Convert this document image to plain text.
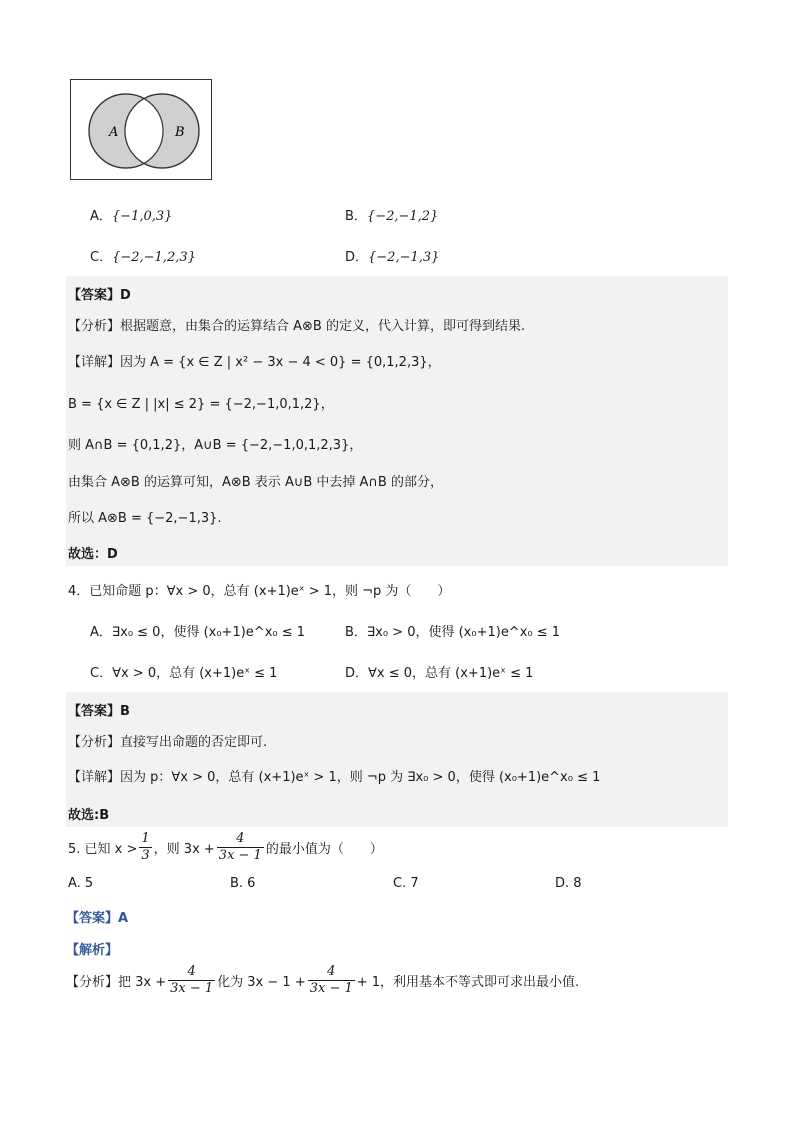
A	B
A．{−1,0,3}	B．{−2,−1,2}
C．{−2,−1,2,3}	D．{−2,−1,3}
【答案】D
【分析】根据题意，由集合的运算结合 A⊗B 的定义，代入计算，即可得到结果.
【详解】因为 A = {x ∈ Z | x² − 3x − 4 < 0} = {0,1,2,3}，
B = {x ∈ Z | |x| ≤ 2} = {−2,−1,0,1,2}，
则 A∩B = {0,1,2}，A∪B = {−2,−1,0,1,2,3}，
由集合 A⊗B 的运算可知，A⊗B 表示 A∪B 中去掉 A∩B 的部分，
所以 A⊗B = {−2,−1,3}.
故选：D
4．已知命题 p：∀x > 0，总有 (x+1)eˣ > 1，则 ¬p 为（　　）
A．∃x₀ ≤ 0，使得 (x₀+1)e^x₀ ≤ 1	B．∃x₀ > 0，使得 (x₀+1)e^x₀ ≤ 1
C．∀x > 0，总有 (x+1)eˣ ≤ 1	D．∀x ≤ 0，总有 (x+1)eˣ ≤ 1
【答案】B
【分析】直接写出命题的否定即可.
【详解】因为 p：∀x > 0，总有 (x+1)eˣ > 1，则 ¬p 为 ∃x₀ > 0，使得 (x₀+1)e^x₀ ≤ 1
故选:B
5. 已知 $x > \frac{1}{3}$ ，则 $3x + \frac{4}{3x - 1}$ 的最小值为（　　）
A. 5	B. 6	C. 7	D. 8
【答案】A
【解析】
【分析】把 $3x + \frac{4}{3x - 1}$ 化为 $3x - 1 + \frac{4}{3x - 1} + 1$，利用基本不等式即可求出最小值.
